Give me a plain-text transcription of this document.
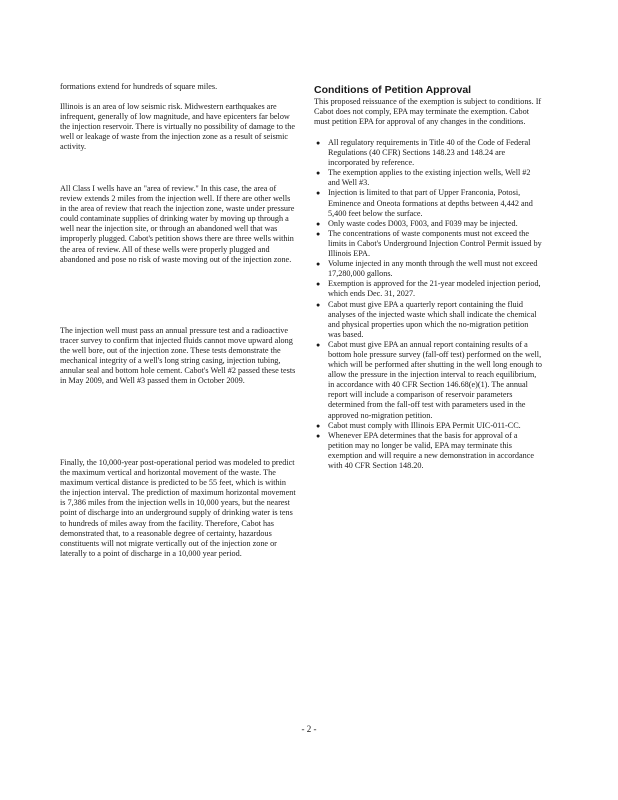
formations extend for hundreds of square miles.

Illinois is an area of low seismic risk. Midwestern earthquakes are infrequent, generally of low magnitude, and have epicenters far below the injection reservoir. There is virtually no possibility of damage to the well or leakage of waste from the injection zone as a result of seismic activity.

All Class I wells have an "area of review." In this case, the area of review extends 2 miles from the injection well. If there are other wells in the area of review that reach the injection zone, waste under pressure could contaminate supplies of drinking water by moving up through a well near the injection site, or through an abandoned well that was improperly plugged. Cabot's petition shows there are three wells within the area of review. All of these wells were properly plugged and abandoned and pose no risk of waste moving out of the injection zone.

The injection well must pass an annual pressure test and a radioactive tracer survey to confirm that injected fluids cannot move upward along the well bore, out of the injection zone. These tests demonstrate the mechanical integrity of a well's long string casing, injection tubing, annular seal and bottom hole cement. Cabot's Well #2 passed these tests in May 2009, and Well #3 passed them in October 2009.

Finally, the 10,000-year post-operational period was modeled to predict the maximum vertical and horizontal movement of the waste. The maximum vertical distance is predicted to be 55 feet, which is within the injection interval. The prediction of maximum horizontal movement is 7,386 miles from the injection wells in 10,000 years, but the nearest point of discharge into an underground supply of drinking water is tens to hundreds of miles away from the facility. Therefore, Cabot has demonstrated that, to a reasonable degree of certainty, hazardous constituents will not migrate vertically out of the injection zone or laterally to a point of discharge in a 10,000 year period.

Conditions of Petition Approval

This proposed reissuance of the exemption is subject to conditions. If Cabot does not comply, EPA may terminate the exemption. Cabot must petition EPA for approval of any changes in the conditions.

● All regulatory requirements in Title 40 of the Code of Federal Regulations (40 CFR) Sections 148.23 and 148.24 are incorporated by reference.
● The exemption applies to the existing injection wells, Well #2 and Well #3.
● Injection is limited to that part of Upper Franconia, Potosi, Eminence and Oneota formations at depths between 4,442 and 5,400 feet below the surface.
● Only waste codes D003, F003, and F039 may be injected.
● The concentrations of waste components must not exceed the limits in Cabot's Underground Injection Control Permit issued by Illinois EPA.
● Volume injected in any month through the well must not exceed 17,280,000 gallons.
● Exemption is approved for the 21-year modeled injection period, which ends Dec. 31, 2027.
● Cabot must give EPA a quarterly report containing the fluid analyses of the injected waste which shall indicate the chemical and physical properties upon which the no-migration petition was based.
● Cabot must give EPA an annual report containing results of a bottom hole pressure survey (fall-off test) performed on the well, which will be performed after shutting in the well long enough to allow the pressure in the injection interval to reach equilibrium, in accordance with 40 CFR Section 146.68(e)(1). The annual report will include a comparison of reservoir parameters determined from the fall-off test with parameters used in the approved no-migration petition.
● Cabot must comply with Illinois EPA Permit UIC-011-CC.
● Whenever EPA determines that the basis for approval of a petition may no longer be valid, EPA may terminate this exemption and will require a new demonstration in accordance with 40 CFR Section 148.20.
- 2 -
